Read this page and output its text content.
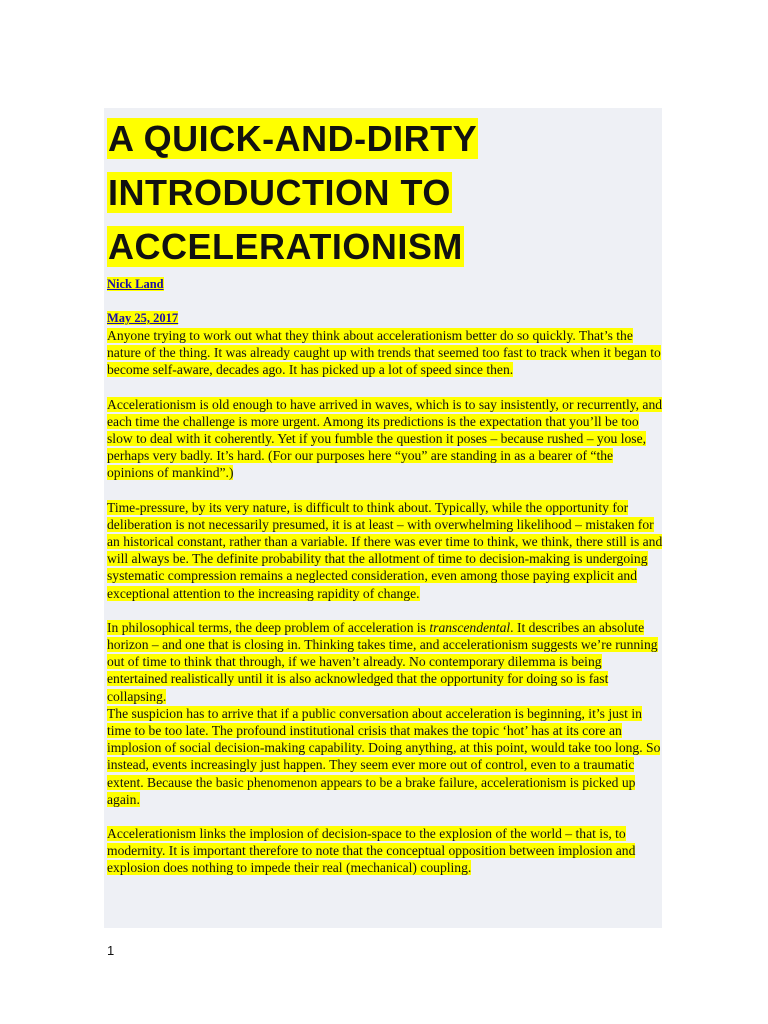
A QUICK-AND-DIRTY
INTRODUCTION TO
ACCELERATIONISM

Nick Land

May 25, 2017

Anyone trying to work out what they think about accelerationism better do so quickly. That’s the nature of the thing. It was already caught up with trends that seemed too fast to track when it began to become self-aware, decades ago. It has picked up a lot of speed since then.

Accelerationism is old enough to have arrived in waves, which is to say insistently, or recurrently, and each time the challenge is more urgent. Among its predictions is the expectation that you’ll be too slow to deal with it coherently. Yet if you fumble the question it poses – because rushed – you lose, perhaps very badly. It’s hard. (For our purposes here “you” are standing in as a bearer of “the opinions of mankind”.)

Time-pressure, by its very nature, is difficult to think about. Typically, while the opportunity for deliberation is not necessarily presumed, it is at least – with overwhelming likelihood – mistaken for an historical constant, rather than a variable. If there was ever time to think, we think, there still is and will always be. The definite probability that the allotment of time to decision-making is undergoing systematic compression remains a neglected consideration, even among those paying explicit and exceptional attention to the increasing rapidity of change.

In philosophical terms, the deep problem of acceleration is transcendental. It describes an absolute horizon – and one that is closing in. Thinking takes time, and accelerationism suggests we’re running out of time to think that through, if we haven’t already. No contemporary dilemma is being entertained realistically until it is also acknowledged that the opportunity for doing so is fast collapsing.

The suspicion has to arrive that if a public conversation about acceleration is beginning, it’s just in time to be too late. The profound institutional crisis that makes the topic ‘hot’ has at its core an implosion of social decision-making capability. Doing anything, at this point, would take too long. So instead, events increasingly just happen. They seem ever more out of control, even to a traumatic extent. Because the basic phenomenon appears to be a brake failure, accelerationism is picked up again.

Accelerationism links the implosion of decision-space to the explosion of the world – that is, to modernity. It is important therefore to note that the conceptual opposition between implosion and explosion does nothing to impede their real (mechanical) coupling.

1
